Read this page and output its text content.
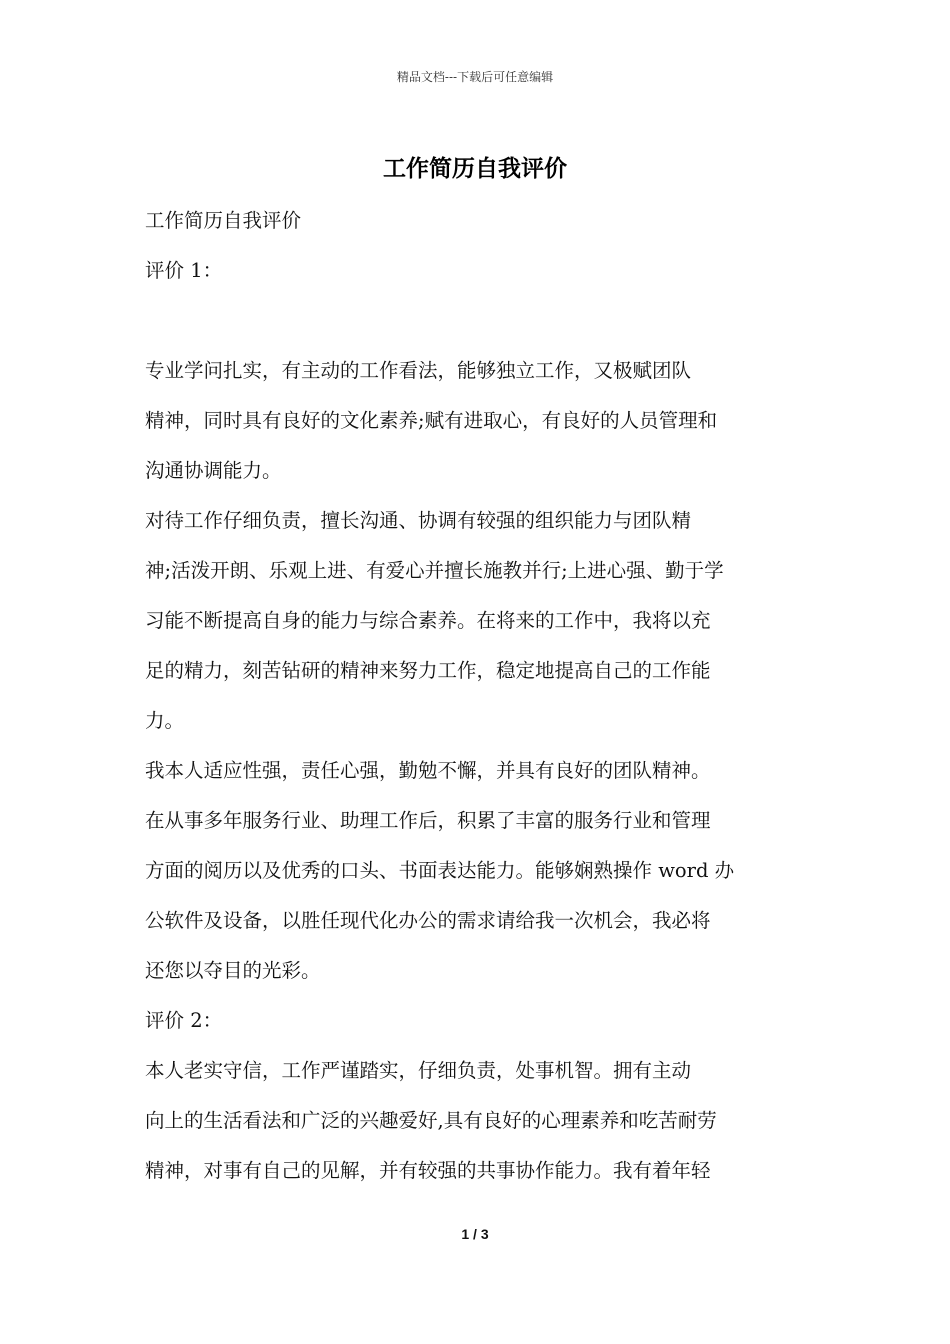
精品文档---下载后可任意编辑
工作简历自我评价

工作简历自我评价

评价 1：

专业学问扎实，有主动的工作看法，能够独立工作，又极赋团队

精神，同时具有良好的文化素养;赋有进取心，有良好的人员管理和

沟通协调能力。

对待工作仔细负责，擅长沟通、协调有较强的组织能力与团队精

神;活泼开朗、乐观上进、有爱心并擅长施教并行;上进心强、勤于学

习能不断提高自身的能力与综合素养。在将来的工作中，我将以充

足的精力，刻苦钻研的精神来努力工作，稳定地提高自己的工作能

力。

我本人适应性强，责任心强，勤勉不懈，并具有良好的团队精神。

在从事多年服务行业、助理工作后，积累了丰富的服务行业和管理

方面的阅历以及优秀的口头、书面表达能力。能够娴熟操作 word 办

公软件及设备，以胜任现代化办公的需求请给我一次机会，我必将

还您以夺目的光彩。

评价 2：

本人老实守信，工作严谨踏实，仔细负责，处事机智。拥有主动

向上的生活看法和广泛的兴趣爱好,具有良好的心理素养和吃苦耐劳

精神，对事有自己的见解，并有较强的共事协作能力。我有着年轻

1 / 3
